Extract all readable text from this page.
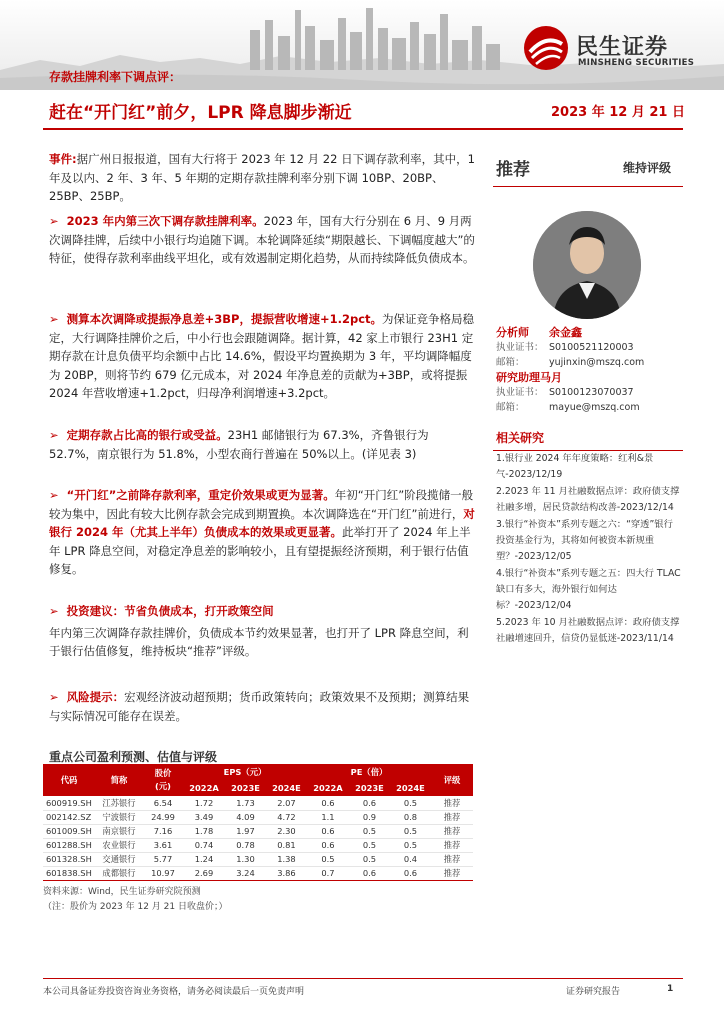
民生证券
MINSHENG SECURITIES
存款挂牌利率下调点评：
赶在“开门红”前夕，LPR 降息脚步渐近	2023 年 12 月 21 日
事件:据广州日报报道，国有大行将于 2023 年 12 月 22 日下调存款利率，其中，1 年及以内、2 年、3 年、5 年期的定期存款挂牌利率分别下调 10BP、20BP、25BP、25BP。
➢ 2023 年内第三次下调存款挂牌利率。2023 年，国有大行分别在 6 月、9 月两次调降挂牌，后续中小银行均追随下调。本轮调降延续“期限越长、下调幅度越大”的特征，使得存款利率曲线平坦化，或有效遏制定期化趋势，从而持续降低负债成本。
➢ 测算本次调降或提振净息差+3BP，提振营收增速+1.2pct。为保证竞争格局稳定，大行调降挂牌价之后，中小行也会跟随调降。据计算，42 家上市银行 23H1 定期存款在计息负债平均余额中占比 14.6%，假设平均置换期为 3 年，平均调降幅度为 20BP，则将节约 679 亿元成本，对 2024 年净息差的贡献为+3BP，或将提振 2024 年营收增速+1.2pct，归母净利润增速+3.2pct。
➢ 定期存款占比高的银行或受益。23H1 邮储银行为 67.3%，齐鲁银行为 52.7%，南京银行为 51.8%，小型农商行普遍在 50%以上。(详见表 3)
➢ “开门红”之前降存款利率，重定价效果或更为显著。年初“开门红”阶段揽储一般较为集中，因此有较大比例存款会完成到期置换。本次调降选在“开门红”前进行，对银行 2024 年（尤其上半年）负债成本的效果或更显著。此举打开了 2024 年上半年 LPR 降息空间，对稳定净息差的影响较小，且有望提振经济预期，利于银行估值修复。
➢ 投资建议：节省负债成本，打开政策空间
年内第三次调降存款挂牌价，负债成本节约效果显著，也打开了 LPR 降息空间，利于银行估值修复，维持板块“推荐”评级。
➢ 风险提示：宏观经济波动超预期；货币政策转向；政策效果不及预期；测算结果与实际情况可能存在误差。
推荐	维持评级
分析师 余金鑫
执业证书： S0100521120003
邮箱：	yujinxin@mszq.com
研究助理 马月
执业证书： S0100123070037
邮箱：	mayue@mszq.com
相关研究
1.银行业 2024 年年度策略：红利&景气-2023/12/19
2.2023 年 11 月社融数据点评：政府债支撑社融多增，居民贷款结构改善-2023/12/14
3.银行“补资本”系列专题之六：“穿透”银行投资基金行为，其将如何被资本新规重塑？-2023/12/05
4.银行“补资本”系列专题之五：四大行 TLAC 缺口有多大，海外银行如何达标？-2023/12/04
5.2023 年 10 月社融数据点评：政府债支撑社融增速回升，信贷仍显低迷-2023/11/14
重点公司盈利预测、估值与评级
代码	简称	股价
(元)	EPS（元）			PE（倍）			评级
			2022A	2023E	2024E	2022A	2023E	2024E	
600919.SH	江苏银行	6.54	1.72	1.73	2.07	0.6	0.6	0.5	推荐
002142.SZ	宁波银行	24.99	3.49	4.09	4.72	1.1	0.9	0.8	推荐
601009.SH	南京银行	7.16	1.78	1.97	2.30	0.6	0.5	0.5	推荐
601288.SH	农业银行	3.61	0.74	0.78	0.81	0.6	0.5	0.5	推荐
601328.SH	交通银行	5.77	1.24	1.30	1.38	0.5	0.5	0.4	推荐
601838.SH	成都银行	10.97	2.69	3.24	3.86	0.7	0.6	0.6	推荐
资料来源：Wind，民生证券研究院预测
（注：股价为 2023 年 12 月 21 日收盘价；）
本公司具备证券投资咨询业务资格，请务必阅读最后一页免责声明	证券研究报告	1
